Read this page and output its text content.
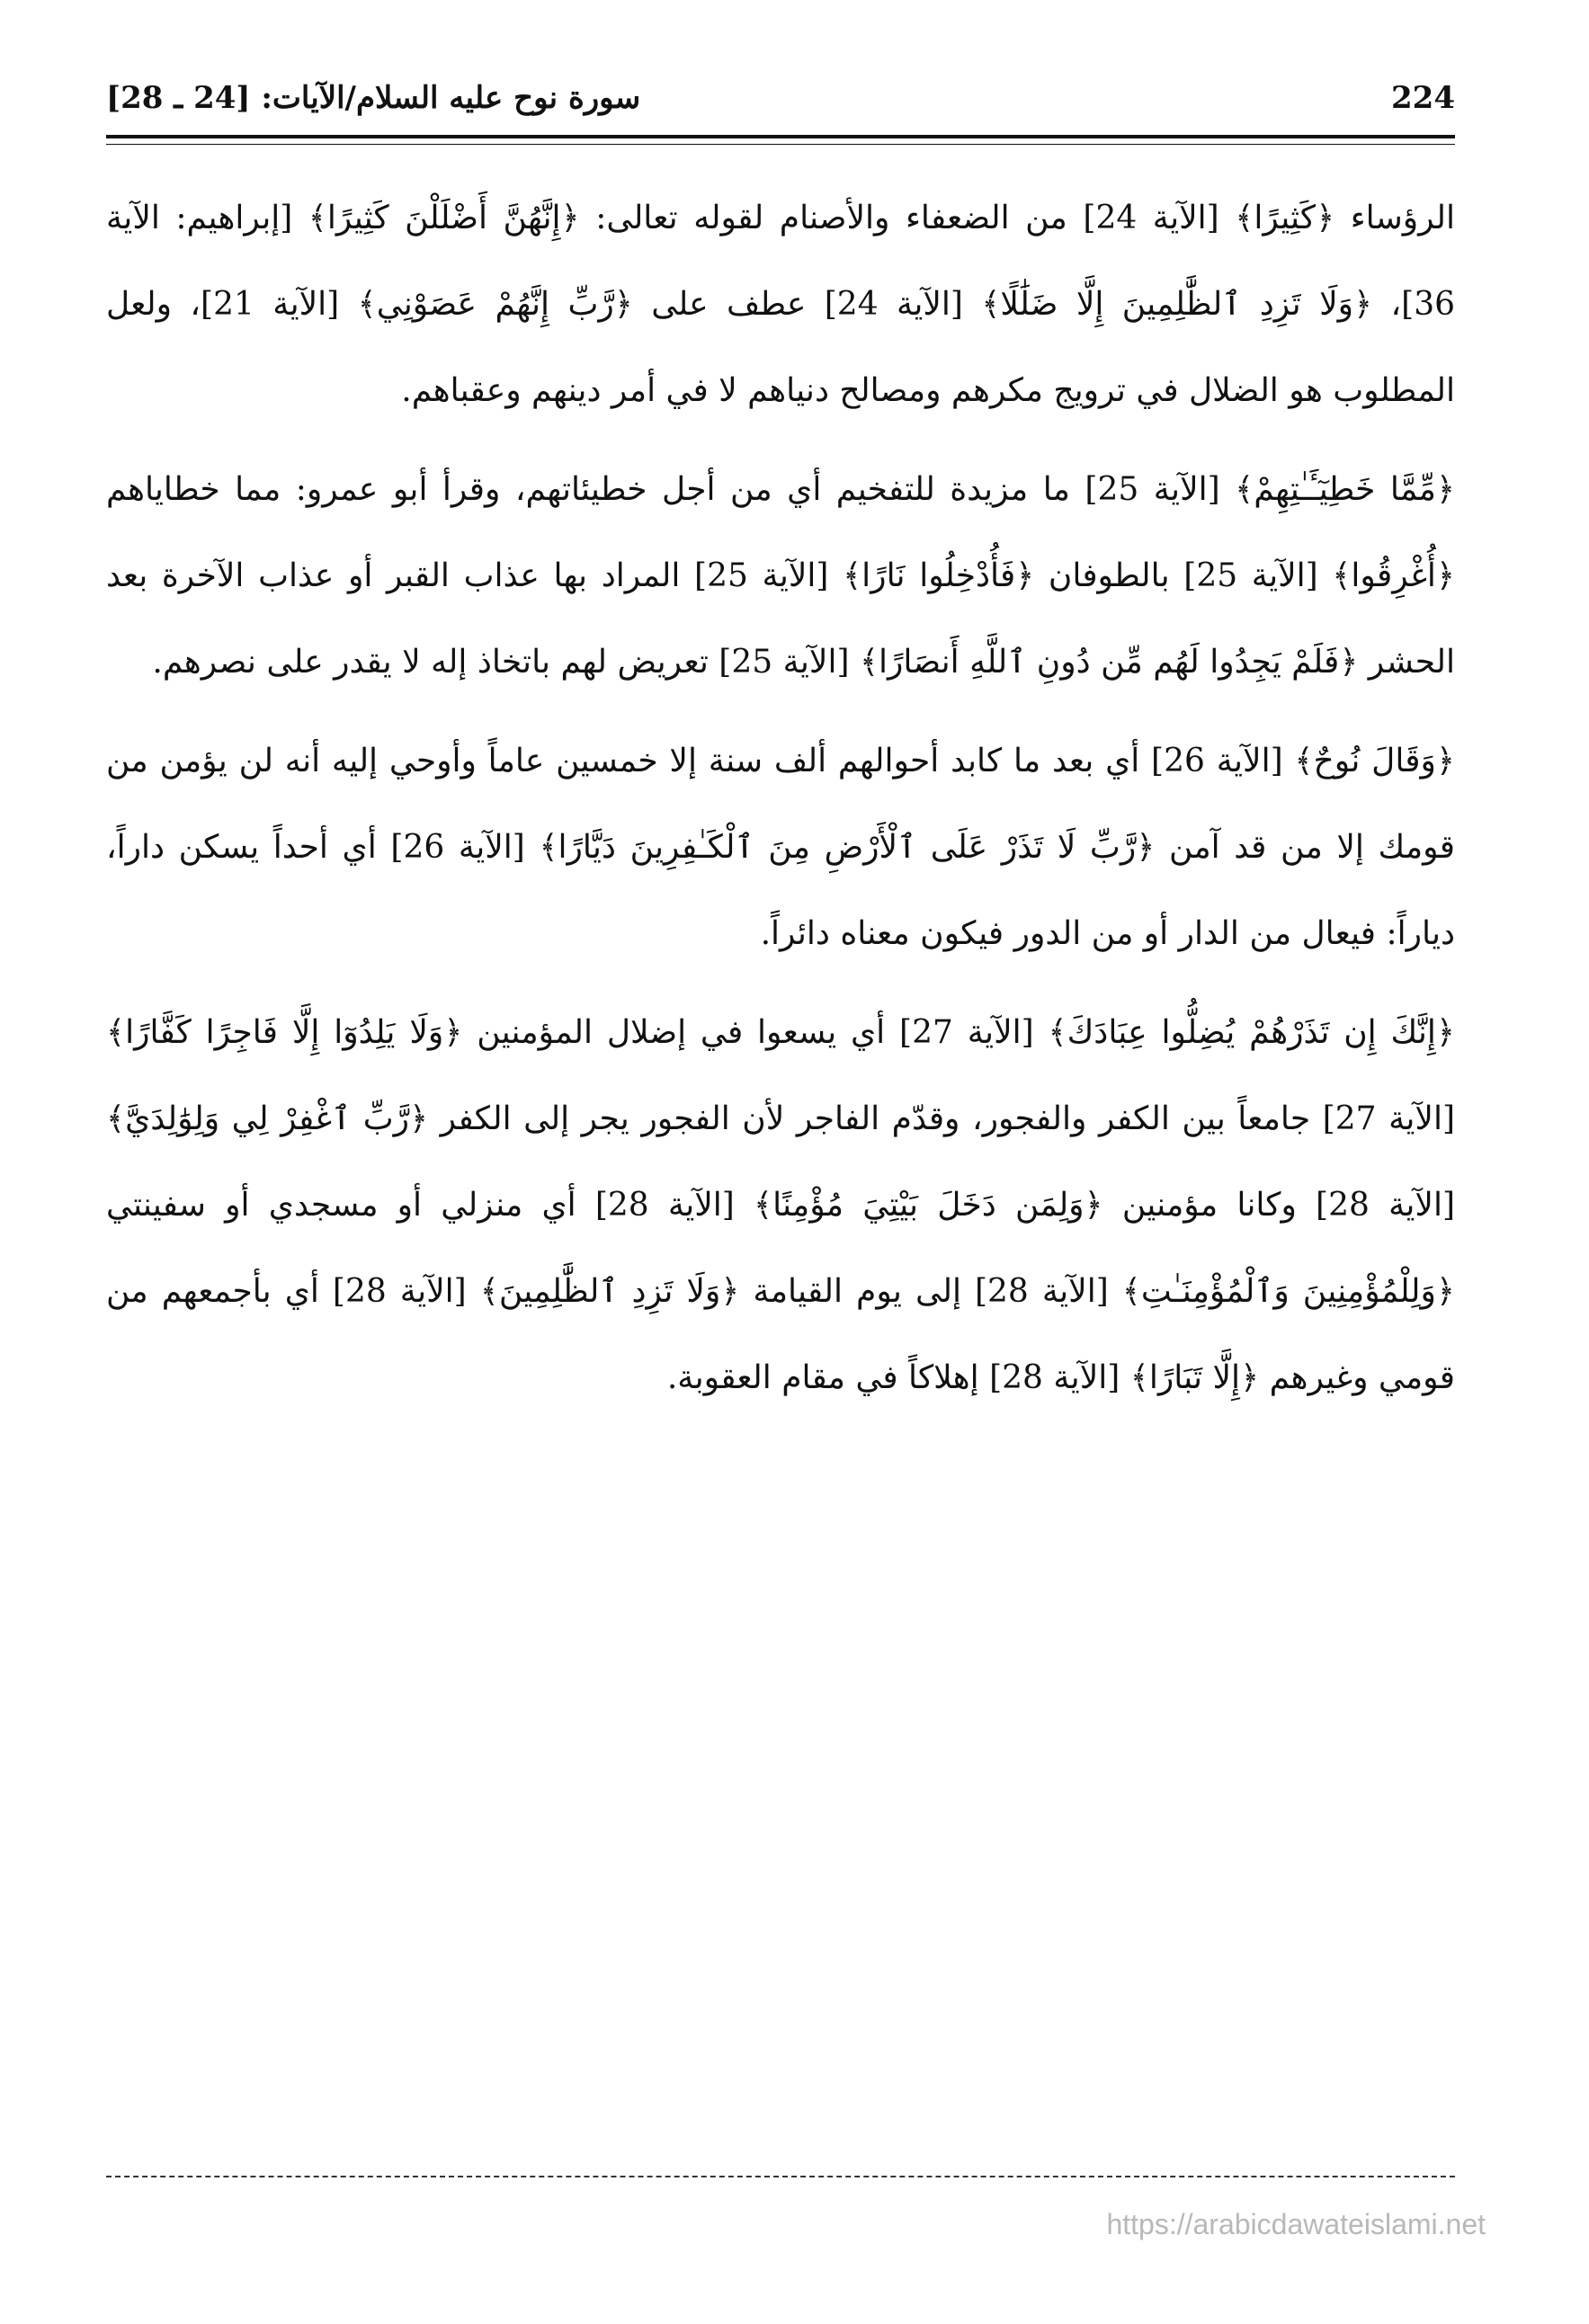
224
سورة نوح عليه السلام/الآيات: [24 ـ 28]

الرؤساء ﴿كَثِيرًا﴾ [الآية 24] من الضعفاء والأصنام لقوله تعالى: ﴿إِنَّهُنَّ أَضْلَلْنَ كَثِيرًا﴾ [إبراهيم: الآية 36]، ﴿وَلَا تَزِدِ ٱلظَّٰلِمِينَ إِلَّا ضَلَٰلًا﴾ [الآية 24] عطف على ﴿رَّبِّ إِنَّهُمْ عَصَوْنِي﴾ [الآية 21]، ولعل المطلوب هو الضلال في ترويج مكرهم ومصالح دنياهم لا في أمر دينهم وعقباهم.

﴿مِّمَّا خَطِيٓـَٔـٰتِهِمْ﴾ [الآية 25] ما مزيدة للتفخيم أي من أجل خطيئاتهم، وقرأ أبو عمرو: مما خطاياهم ﴿أُغْرِقُوا﴾ [الآية 25] بالطوفان ﴿فَأُدْخِلُوا نَارًا﴾ [الآية 25] المراد بها عذاب القبر أو عذاب الآخرة بعد الحشر ﴿فَلَمْ يَجِدُوا لَهُم مِّن دُونِ ٱللَّهِ أَنصَارًا﴾ [الآية 25] تعريض لهم باتخاذ إله لا يقدر على نصرهم.

﴿وَقَالَ نُوحٌ﴾ [الآية 26] أي بعد ما كابد أحوالهم ألف سنة إلا خمسين عاماً وأوحي إليه أنه لن يؤمن من قومك إلا من قد آمن ﴿رَّبِّ لَا تَذَرْ عَلَى ٱلْأَرْضِ مِنَ ٱلْكَـٰفِرِينَ دَيَّارًا﴾ [الآية 26] أي أحداً يسكن داراً، دياراً: فيعال من الدار أو من الدور فيكون معناه دائراً.

﴿إِنَّكَ إِن تَذَرْهُمْ يُضِلُّوا عِبَادَكَ﴾ [الآية 27] أي يسعوا في إضلال المؤمنين ﴿وَلَا يَلِدُوٓا إِلَّا فَاجِرًا كَفَّارًا﴾ [الآية 27] جامعاً بين الكفر والفجور، وقدّم الفاجر لأن الفجور يجر إلى الكفر ﴿رَّبِّ ٱغْفِرْ لِي وَلِوَٰلِدَيَّ﴾ [الآية 28] وكانا مؤمنين ﴿وَلِمَن دَخَلَ بَيْتِيَ مُؤْمِنًا﴾ [الآية 28] أي منزلي أو مسجدي أو سفينتي ﴿وَلِلْمُؤْمِنِينَ وَٱلْمُؤْمِنَـٰتِ﴾ [الآية 28] إلى يوم القيامة ﴿وَلَا تَزِدِ ٱلظَّٰلِمِينَ﴾ [الآية 28] أي بأجمعهم من قومي وغيرهم ﴿إِلَّا تَبَارًا﴾ [الآية 28] إهلاكاً في مقام العقوبة.

https://arabicdawateislami.net
